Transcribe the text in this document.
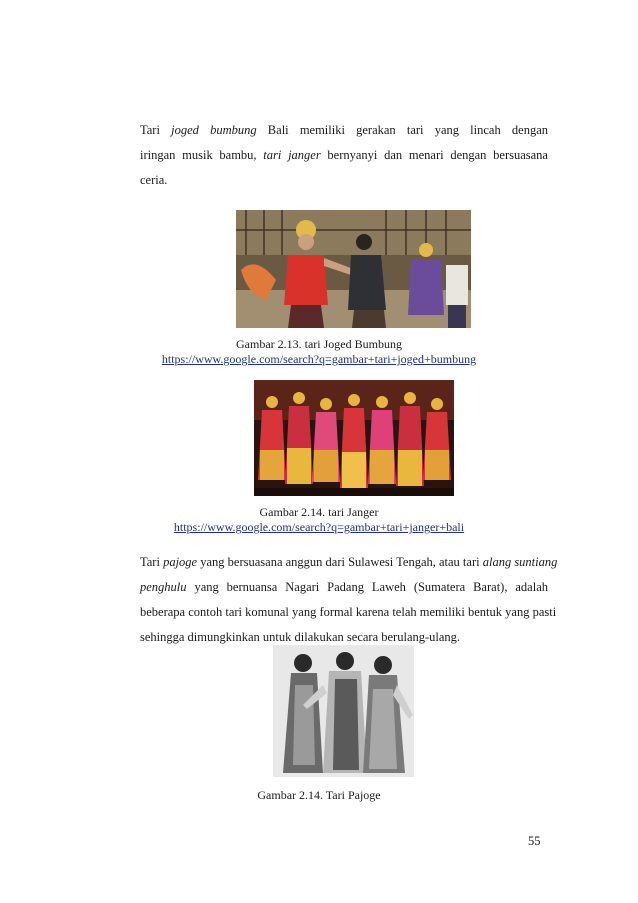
Tari joged bumbung Bali memiliki gerakan tari yang lincah dengan
iringan musik bambu, tari janger bernyanyi dan menari dengan bersuasana
ceria.

Gambar 2.13. tari Joged Bumbung
https://www.google.com/search?q=gambar+tari+joged+bumbung
Gambar 2.14. tari Janger
https://www.google.com/search?q=gambar+tari+janger+bali

Tari pajoge yang bersuasana anggun dari Sulawesi Tengah, atau tari alang suntiang
penghulu yang bernuansa Nagari Padang Laweh (Sumatera Barat), adalah
beberapa contoh tari komunal yang formal karena telah memiliki bentuk yang pasti
sehingga dimungkinkan untuk dilakukan secara berulang-ulang.

Gambar 2.14. Tari Pajoge
55
